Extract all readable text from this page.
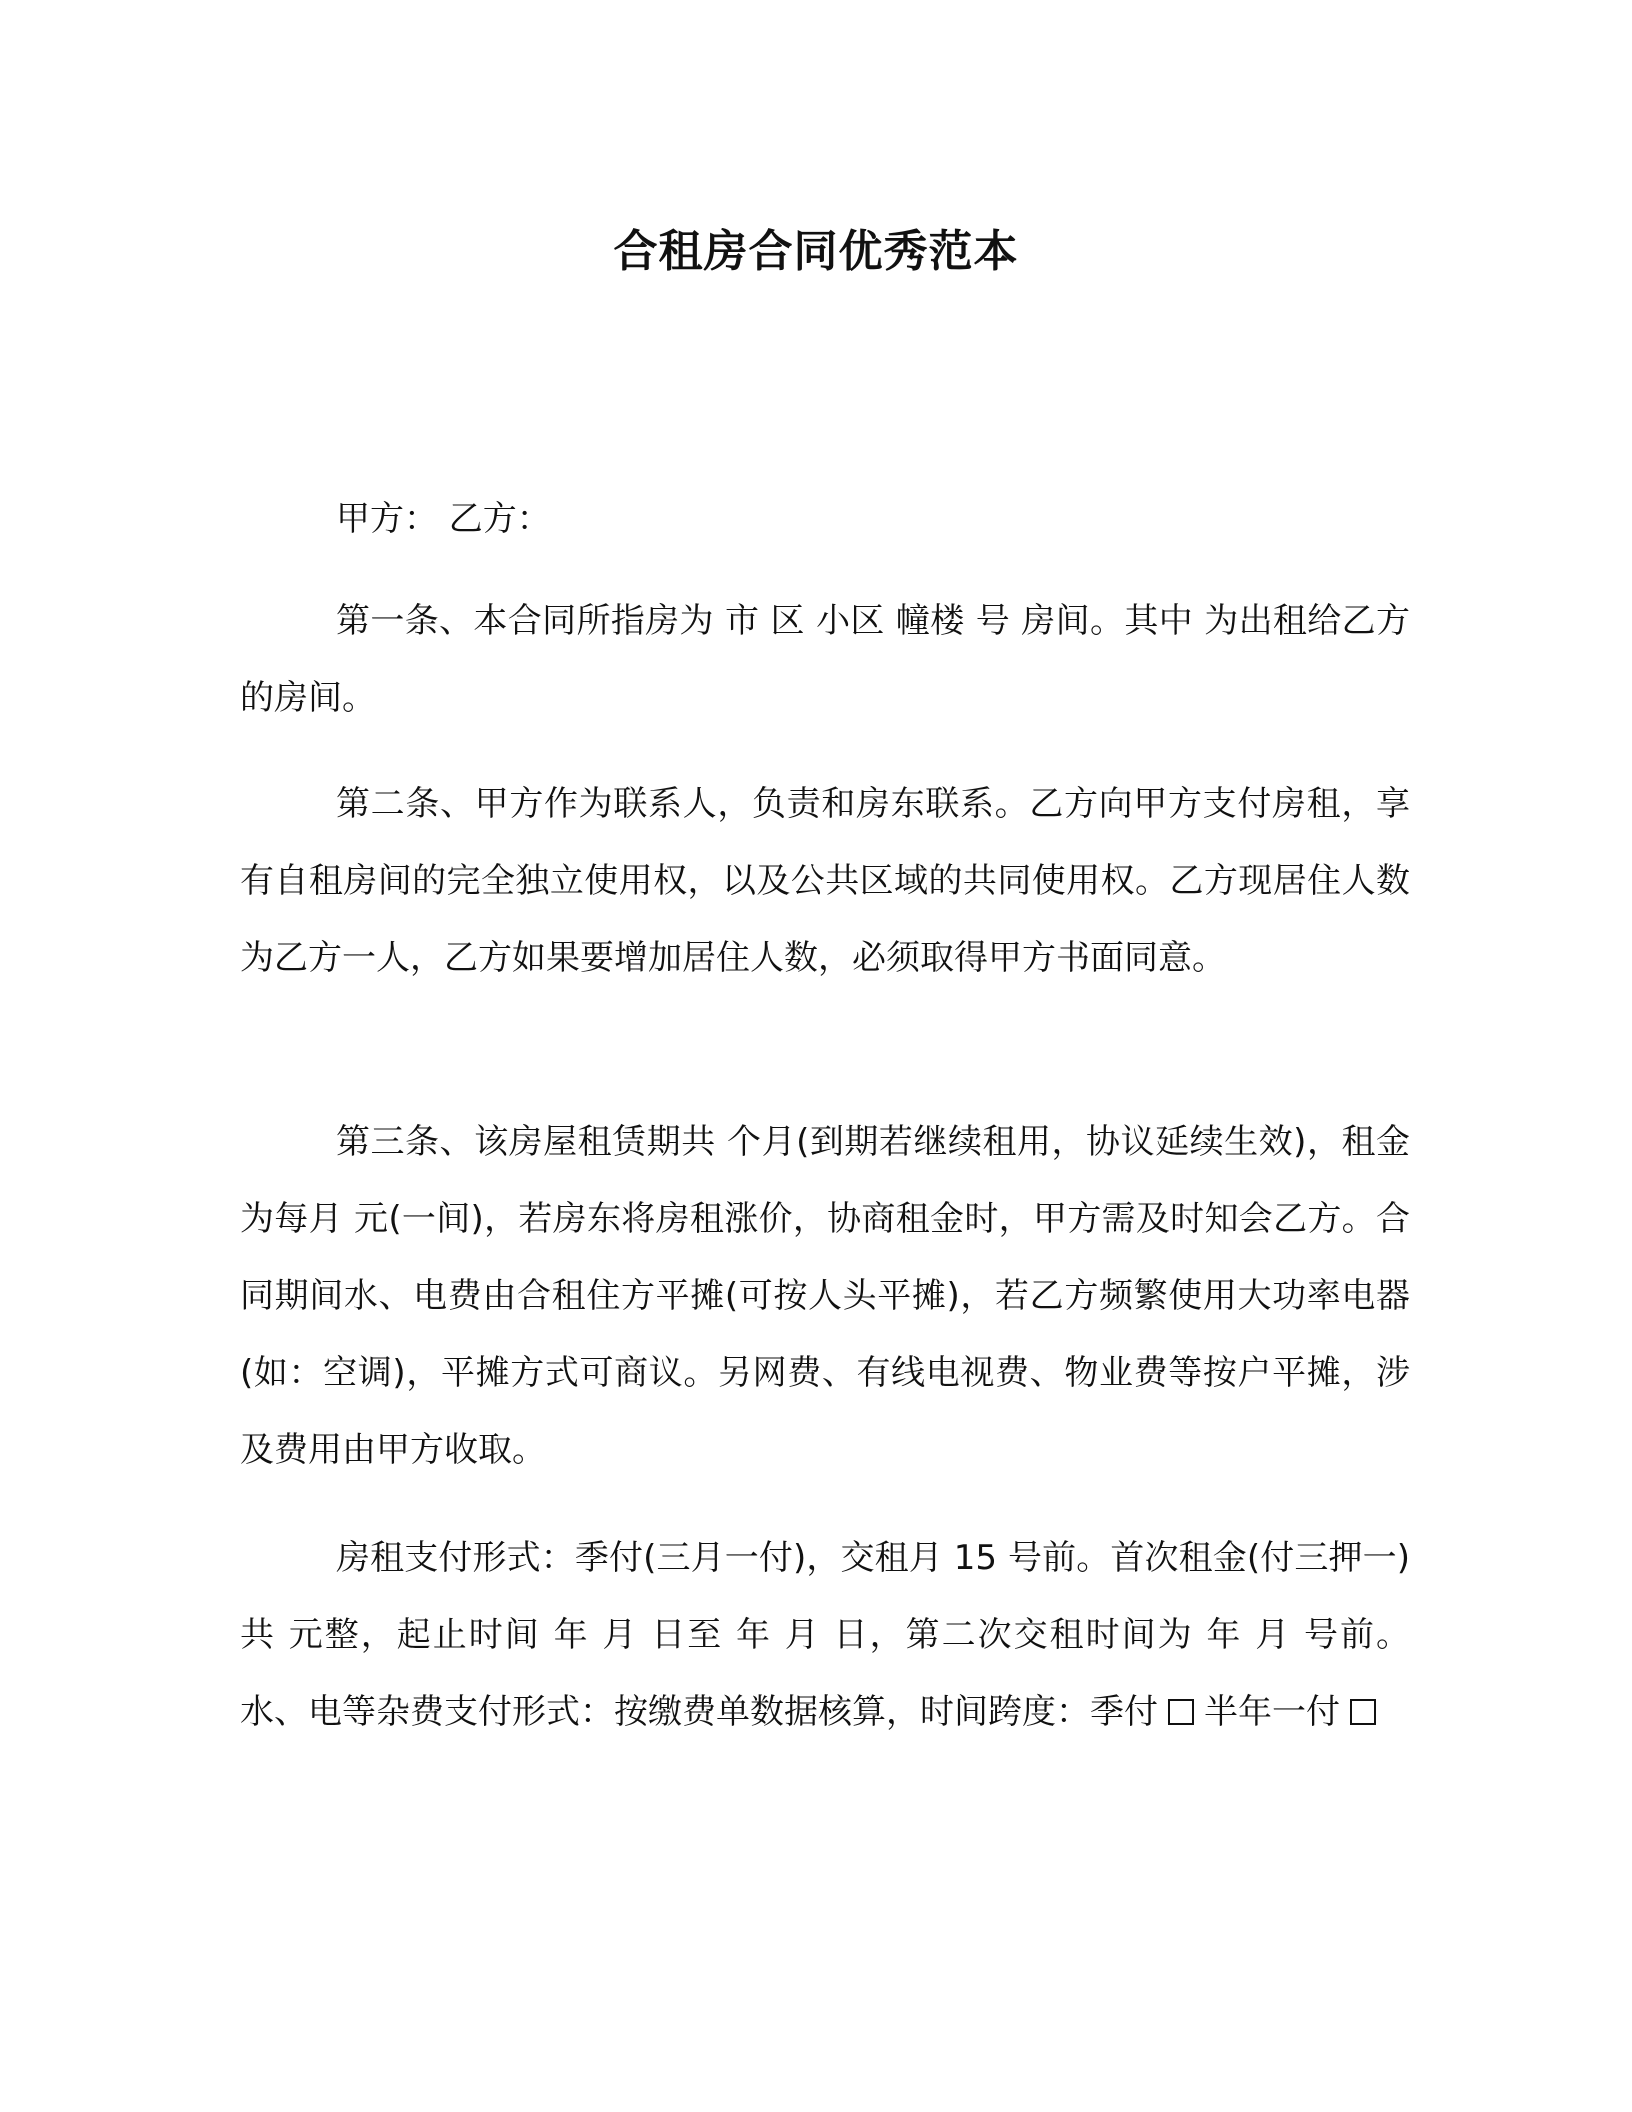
合租房合同优秀范本

甲方： 乙方：

第一条、本合同所指房为 市 区 小区 幢楼 号 房间。其中 为出租给乙方的房间。

第二条、甲方作为联系人，负责和房东联系。乙方向甲方支付房租，享有自租房间的完全独立使用权，以及公共区域的共同使用权。乙方现居住人数为乙方一人，乙方如果要增加居住人数，必须取得甲方书面同意。

第三条、该房屋租赁期共 个月(到期若继续租用，协议延续生效)，租金为每月 元(一间)，若房东将房租涨价，协商租金时，甲方需及时知会乙方。合同期间水、电费由合租住方平摊(可按人头平摊)，若乙方频繁使用大功率电器(如：空调)，平摊方式可商议。另网费、有线电视费、物业费等按户平摊，涉及费用由甲方收取。

房租支付形式：季付(三月一付)，交租月 15 号前。首次租金(付三押一)共 元整，起止时间 年 月 日至 年 月 日，第二次交租时间为 年 月 号前。 水、电等杂费支付形式：按缴费单数据核算，时间跨度：季付 半年一付
